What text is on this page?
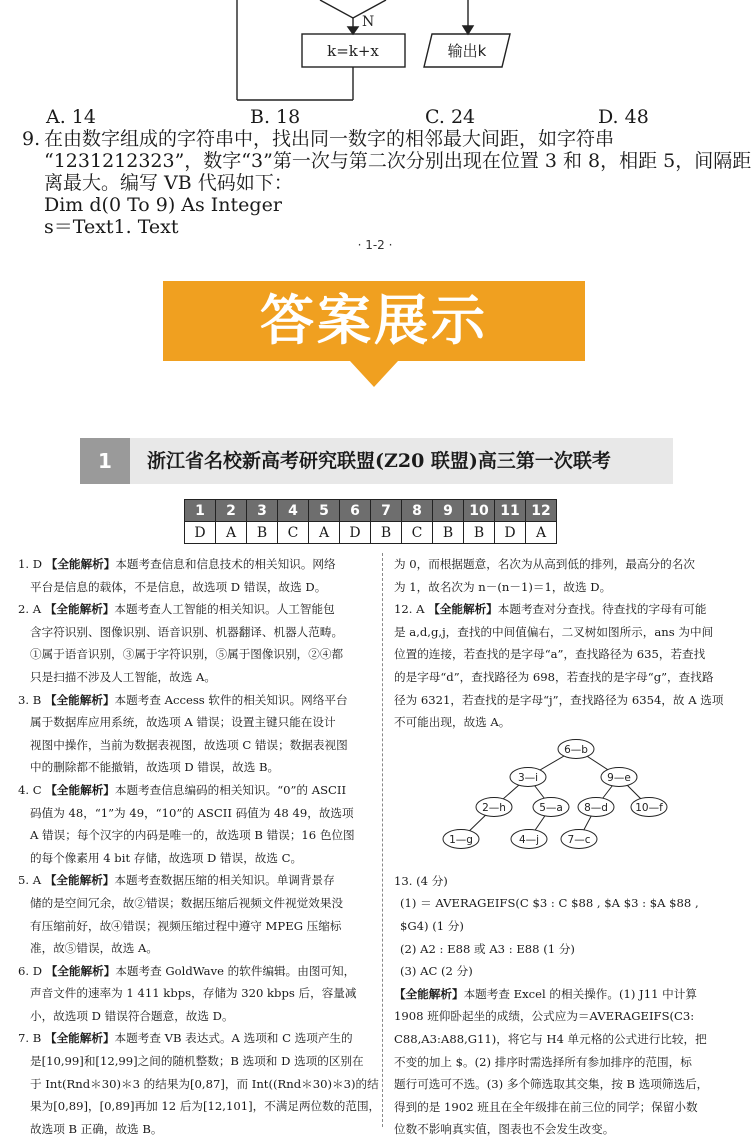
N
k=k+x	输出k
A. 14	B. 18	C. 24	D. 48
9. 在由数字组成的字符串中，找出同一数字的相邻最大间距，如字符串
“1231212323”，数字“3”第一次与第二次分别出现在位置 3 和 8，相距 5，间隔距
离最大。编写 VB 代码如下：
Dim d(0 To 9) As Integer
s＝Text1. Text
· 1-2 ·
答案展示
1	浙江省名校新高考研究联盟(Z20 联盟)高三第一次联考
1	2	3	4	5	6	7	8	9	10	11	12
D	A	B	C	A	D	B	C	B	B	D	A
1. D 【全能解析】本题考查信息和信息技术的相关知识。网络
平台是信息的载体，不是信息，故选项 D 错误，故选 D。
2. A 【全能解析】本题考查人工智能的相关知识。人工智能包
含字符识别、图像识别、语音识别、机器翻译、机器人范畴。
①属于语音识别，③属于字符识别，⑤属于图像识别，②④都
只是扫描不涉及人工智能，故选 A。
3. B 【全能解析】本题考查 Access 软件的相关知识。网络平台
属于数据库应用系统，故选项 A 错误；设置主键只能在设计
视图中操作，当前为数据表视图，故选项 C 错误；数据表视图
中的删除都不能撤销，故选项 D 错误，故选 B。
4. C 【全能解析】本题考查信息编码的相关知识。“0”的 ASCII
码值为 48，“1”为 49，“10”的 ASCII 码值为 48 49，故选项
A 错误；每个汉字的内码是唯一的，故选项 B 错误；16 色位图
的每个像素用 4 bit 存储，故选项 D 错误，故选 C。
5. A 【全能解析】本题考查数据压缩的相关知识。单调背景存
储的是空间冗余，故②错误；数据压缩后视频文件视觉效果没
有压缩前好，故④错误；视频压缩过程中遵守 MPEG 压缩标
准，故⑤错误，故选 A。
6. D 【全能解析】本题考查 GoldWave 的软件编辑。由图可知，
声音文件的速率为 1 411 kbps，存储为 320 kbps 后，容量减
小，故选项 D 错误符合题意，故选 D。
7. B 【全能解析】本题考查 VB 表达式。A 选项和 C 选项产生的
是[10,99]和[12,99]之间的随机整数；B 选项和 D 选项的区别在
于 Int(Rnd＊30)＊3 的结果为[0,87]，而 Int((Rnd＊30)＊3)的结
果为[0,89]，[0,89]再加 12 后为[12,101]，不满足两位数的范围，
故选项 B 正确，故选 B。
为 0，而根据题意，名次为从高到低的排列，最高分的名次
为 1，故名次为 n－(n－1)＝1，故选 D。
12. A 【全能解析】本题考查对分查找。待查找的字母有可能
是 a,d,g,j，查找的中间值偏右，二叉树如图所示，ans 为中间
位置的连接，若查找的是字母“a”，查找路径为 635，若查找
的是字母“d”，查找路径为 698，若查找的是字母“g”，查找路
径为 6321，若查找的是字母“j”，查找路径为 6354，故 A 选项
不可能出现，故选 A。
13. (4 分)
(1) ＝ AVERAGEIFS(C $3 : C $88 , $A $3 : $A $88 ,
$G4) (1 分)
(2) A2 : E88 或 A3 : E88 (1 分)
(3) AC (2 分)
【全能解析】本题考查 Excel 的相关操作。(1) J11 中计算
1908 班仰卧起坐的成绩，公式应为＝AVERAGEIFS(C3:
C88,A3:A88,G11)，将它与 H4 单元格的公式进行比较，把
不变的加上 $。(2) 排序时需选择所有参加排序的范围，标
题行可选可不选。(3) 多个筛选取其交集，按 B 选项筛选后，
得到的是 1902 班且在全年级排在前三位的同学；保留小数
位数不影响真实值，图表也不会发生改变。
6—b
3—i	9—e
2—h	5—a 8—d	10—f
1—g	4—j	7—c
